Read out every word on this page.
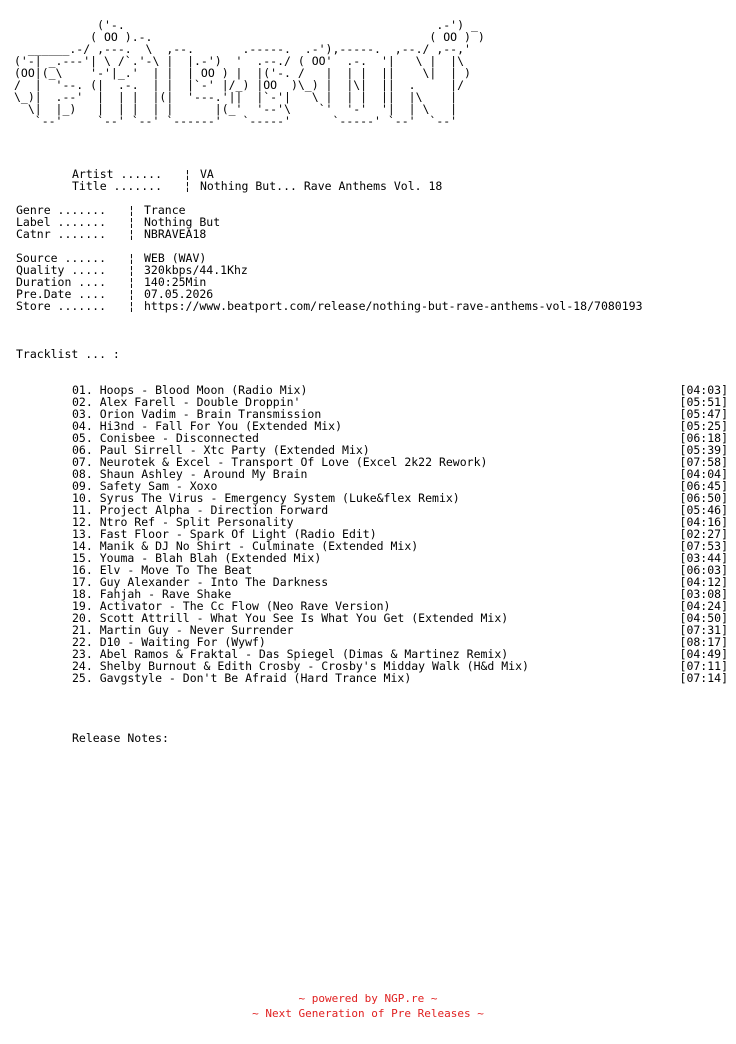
('-.                                             .-') _
( OO ).-.                                        ( OO ) )
______.-/ ,---.  \  ,--.       .-----.  .-'),-----.  ,--./ ,--,'
('-| _.---'| \ /`.'-\ |  |.-')  '  .--./ ( OO'  .-.  '|   \ |  |\
(OO|(_\    '-'|_.'  | |  | OO ) |  |('-. /   |  | |  ||    \|  | )
/  |  '--. (|  .-.  | |  |`-' |/_) |OO  )\_) |  |\|  ||  .     |/
\_)|  .--'  |  | |  |(|  '---.'||  |`-'|   \ |  | |  ||  |\    |
\|  |_)   |  | |  | |      |(_'  '--'\    `'  '-'  '|  | \   |
`--'     `--' `--' `------'   `-----'      `-----' `--'  `--'
Artist ...... ¦ VA
Title ....... ¦ Nothing But... Rave Anthems Vol. 18
Genre ....... ¦ Trance
Label ....... ¦ Nothing But
Catnr ....... ¦ NBRAVEA18
Source ...... ¦ WEB (WAV)
Quality ..... ¦ 320kbps/44.1Khz
Duration .... ¦ 140:25Min
Pre.Date .... ¦ 07.05.2026
Store ....... ¦ https://www.beatport.com/release/nothing-but-rave-anthems-vol-18/7080193
Tracklist ... :
01. Hoops - Blood Moon (Radio Mix)	[04:03]
02. Alex Farell - Double Droppin'	[05:51]
03. Orion Vadim - Brain Transmission	[05:47]
04. Hi3nd - Fall For You (Extended Mix)	[05:25]
05. Conisbee - Disconnected	[06:18]
06. Paul Sirrell - Xtc Party (Extended Mix)	[05:39]
07. Neurotek & Excel - Transport Of Love (Excel 2k22 Rework)	[07:58]
08. Shaun Ashley - Around My Brain	[04:04]
09. Safety Sam - Xoxo	[06:45]
10. Syrus The Virus - Emergency System (Luke&flex Remix)	[06:50]
11. Project Alpha - Direction Forward	[05:46]
12. Ntro Ref - Split Personality	[04:16]
13. Fast Floor - Spark Of Light (Radio Edit)	[02:27]
14. Manik & DJ No Shirt - Culminate (Extended Mix)	[07:53]
15. Youma - Blah Blah (Extended Mix)	[03:44]
16. Elv - Move To The Beat	[06:03]
17. Guy Alexander - Into The Darkness	[04:12]
18. Fahjah - Rave Shake	[03:08]
19. Activator - The Cc Flow (Neo Rave Version)	[04:24]
20. Scott Attrill - What You See Is What You Get (Extended Mix)	[04:50]
21. Martin Guy - Never Surrender	[07:31]
22. D10 - Waiting For (Wywf)	[08:17]
23. Abel Ramos & Fraktal - Das Spiegel (Dimas & Martinez Remix)	[04:49]
24. Shelby Burnout & Edith Crosby - Crosby's Midday Walk (H&d Mix)	[07:11]
25. Gavgstyle - Don't Be Afraid (Hard Trance Mix)	[07:14]
Release Notes:
~ powered by NGP.re ~
~ Next Generation of Pre Releases ~
